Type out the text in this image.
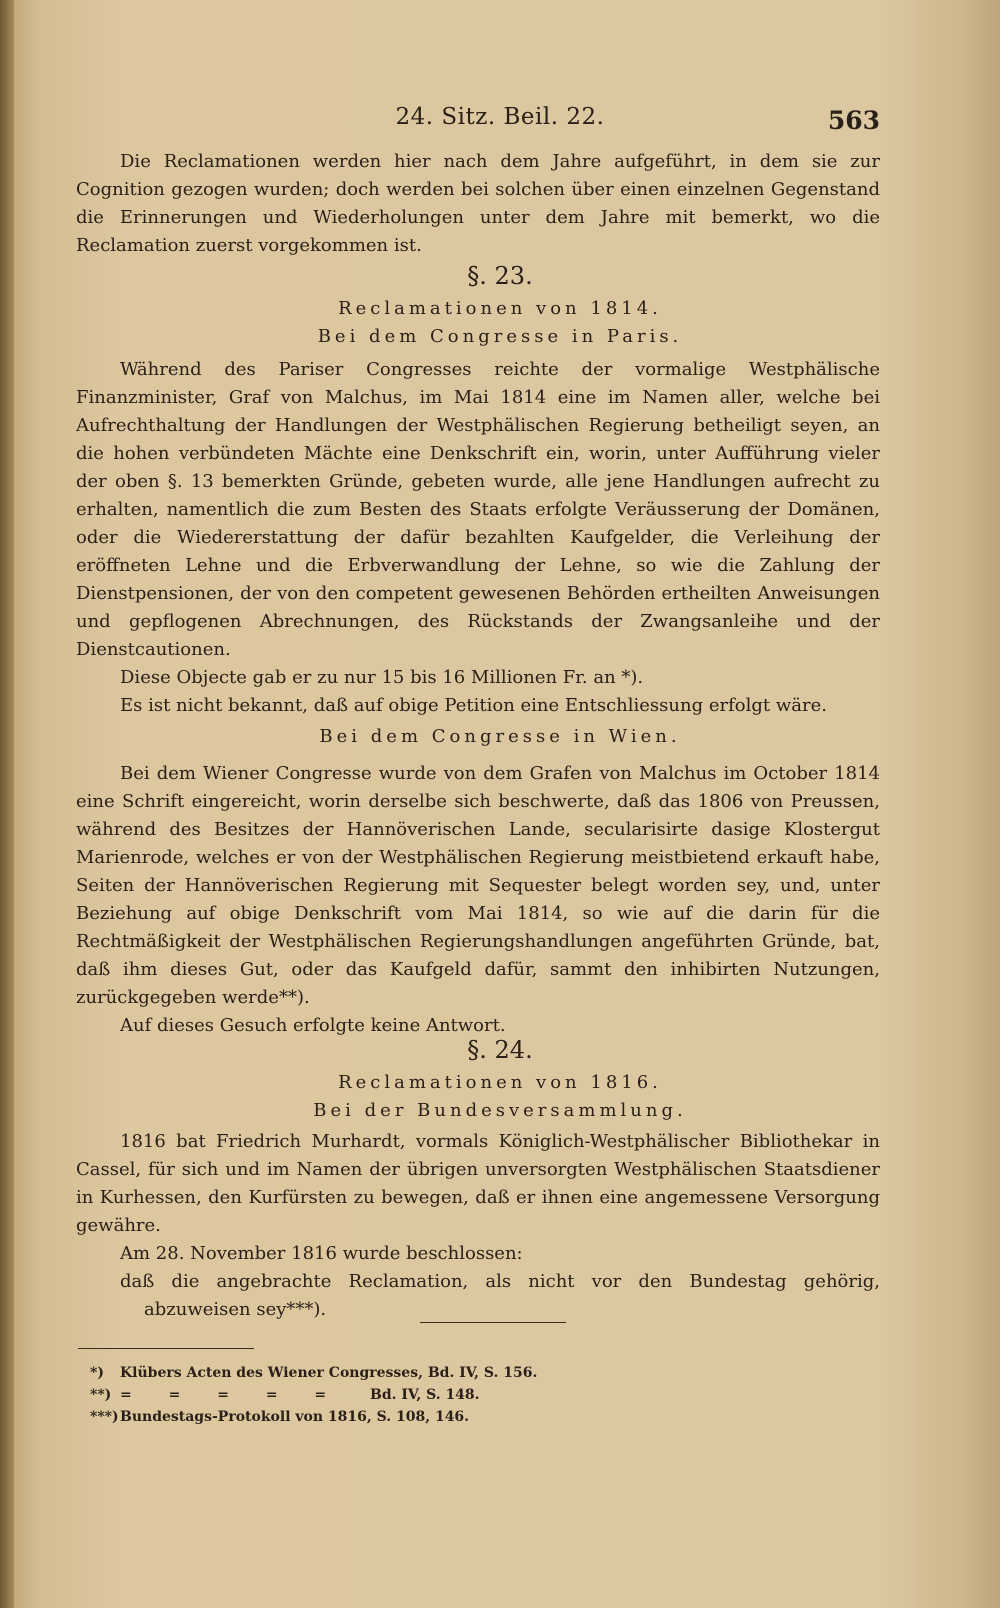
24. Sitz. Beil. 22.	563

Die Reclamationen werden hier nach dem Jahre aufgeführt, in dem sie zur Cognition gezogen wurden; doch werden bei solchen über einen einzelnen Gegenstand die Erinnerungen und Wiederholungen unter dem Jahre mit bemerkt, wo die Reclamation zuerst vorgekommen ist.

§. 23.
Reclamationen von 1814.
Bei dem Congresse in Paris.

Während des Pariser Congresses reichte der vormalige Westphälische Finanzminister, Graf von Malchus, im Mai 1814 eine im Namen aller, welche bei Aufrechthaltung der Handlungen der Westphälischen Regierung betheiligt seyen, an die hohen verbündeten Mächte eine Denkschrift ein, worin, unter Aufführung vieler der oben §. 13 bemerkten Gründe, gebeten wurde, alle jene Handlungen aufrecht zu erhalten, namentlich die zum Besten des Staats erfolgte Veräusserung der Domänen, oder die Wiedererstattung der dafür bezahlten Kaufgelder, die Verleihung der eröffneten Lehne und die Erbverwandlung der Lehne, so wie die Zahlung der Dienstpensionen, der von den competent gewesenen Behörden ertheilten Anweisungen und gepflogenen Abrechnungen, des Rückstands der Zwangsanleihe und der Dienstcautionen.

Diese Objecte gab er zu nur 15 bis 16 Millionen Fr. an *).

Es ist nicht bekannt, daß auf obige Petition eine Entschliessung erfolgt wäre.

Bei dem Congresse in Wien.

Bei dem Wiener Congresse wurde von dem Grafen von Malchus im October 1814 eine Schrift eingereicht, worin derselbe sich beschwerte, daß das 1806 von Preussen, während des Besitzes der Hannöverischen Lande, secularisirte dasige Klostergut Marienrode, welches er von der Westphälischen Regierung meistbietend erkauft habe, Seiten der Hannöverischen Regierung mit Sequester belegt worden sey, und, unter Beziehung auf obige Denkschrift vom Mai 1814, so wie auf die darin für die Rechtmäßigkeit der Westphälischen Regierungshandlungen angeführten Gründe, bat, daß ihm dieses Gut, oder das Kaufgeld dafür, sammt den inhibirten Nutzungen, zurückgegeben werde**).

Auf dieses Gesuch erfolgte keine Antwort.

§. 24.
Reclamationen von 1816.
Bei der Bundesversammlung.

1816 bat Friedrich Murhardt, vormals Königlich-Westphälischer Bibliothekar in Cassel, für sich und im Namen der übrigen unversorgten Westphälischen Staatsdiener in Kurhessen, den Kurfürsten zu bewegen, daß er ihnen eine angemessene Versorgung gewähre.

Am 28. November 1816 wurde beschlossen:

daß die angebrachte Reclamation, als nicht vor den Bundestag gehörig, abzuweisen sey***).

*) Klübers Acten des Wiener Congresses, Bd. IV, S. 156.
**) = = = = = Bd. IV, S. 148.
***)Bundestags-Protokoll von 1816, S. 108, 146.
